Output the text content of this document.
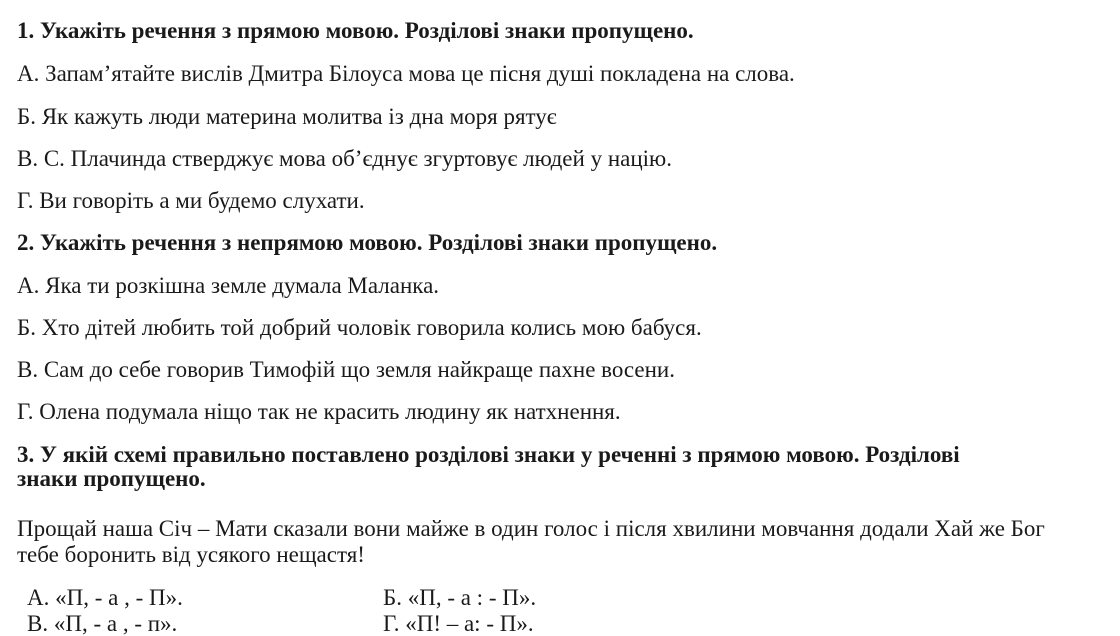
1. Укажіть речення з прямою мовою. Розділові знаки пропущено.
А. Запам’ятайте вислів Дмитра Білоуса мова це пісня душі покладена на слова.
Б. Як кажуть люди материна молитва із дна моря рятує
В. С. Плачинда стверджує мова об’єднує згуртовує людей у націю.
Г. Ви говоріть а ми будемо слухати.
2. Укажіть речення з непрямою мовою. Розділові знаки пропущено.
А. Яка ти розкішна земле думала Маланка.
Б. Хто дітей любить той добрий чоловік говорила колись мою бабуся.
В. Сам до себе говорив Тимофій що земля найкраще пахне восени.
Г. Олена подумала ніщо так не красить людину як натхнення.
3. У якій схемі правильно поставлено розділові знаки у реченні з прямою мовою. Розділові знаки пропущено.
Прощай наша Січ – Мати сказали вони майже в один голос і після хвилини мовчання додали Хай же Бог тебе боронить від усякого нещастя!
А. «П, - а , - П».	Б. «П, - а : - П».
В. «П, - а , - п».	Г. «П! – а: - П».
